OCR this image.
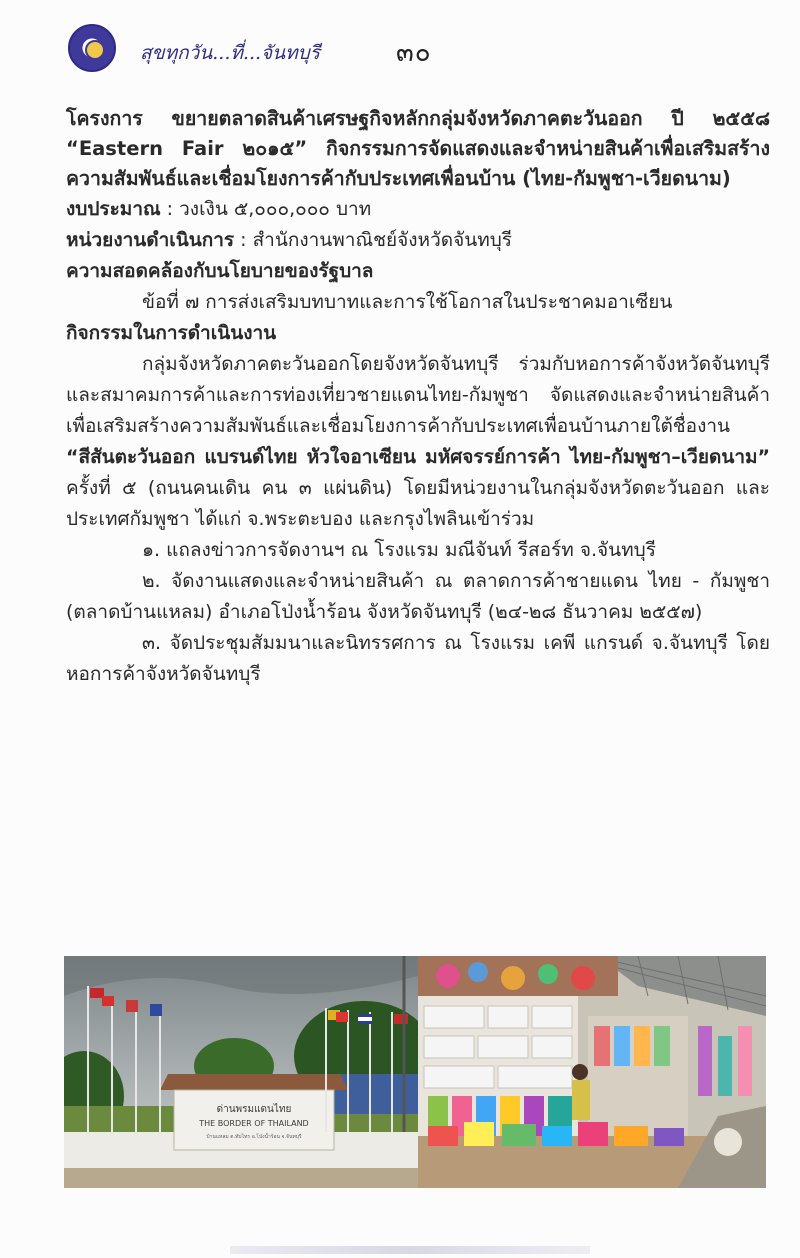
สุขทุกวัน...ที่...จันทบุรี	๓๐

โครงการ ขยายตลาดสินค้าเศรษฐกิจหลักกลุ่มจังหวัดภาคตะวันออก ปี ๒๕๕๘ “Eastern Fair ๒๐๑๕” กิจกรรมการจัดแสดงและจำหน่ายสินค้าเพื่อเสริมสร้างความสัมพันธ์และเชื่อมโยงการค้ากับประเทศเพื่อนบ้าน (ไทย-กัมพูชา-เวียดนาม)

งบประมาณ : วงเงิน ๕,๐๐๐,๐๐๐ บาท

หน่วยงานดำเนินการ : สำนักงานพาณิชย์จังหวัดจันทบุรี

ความสอดคล้องกับนโยบายของรัฐบาล

ข้อที่ ๗ การส่งเสริมบทบาทและการใช้โอกาสในประชาคมอาเซียน

กิจกรรมในการดำเนินงาน

กลุ่มจังหวัดภาคตะวันออกโดยจังหวัดจันทบุรี ร่วมกับหอการค้าจังหวัดจันทบุรีและสมาคมการค้าและการท่องเที่ยวชายแดนไทย-กัมพูชา จัดแสดงและจำหน่ายสินค้าเพื่อเสริมสร้างความสัมพันธ์และเชื่อมโยงการค้ากับประเทศเพื่อนบ้านภายใต้ชื่องาน “สีสันตะวันออก แบรนด์ไทย หัวใจอาเซียน มหัศจรรย์การค้า ไทย-กัมพูชา–เวียดนาม” ครั้งที่ ๕ (ถนนคนเดิน คน ๓ แผ่นดิน) โดยมีหน่วยงานในกลุ่มจังหวัดตะวันออก และประเทศกัมพูชา ได้แก่ จ.พระตะบอง และกรุงไพลินเข้าร่วม

๑. แถลงข่าวการจัดงานฯ ณ โรงแรม มณีจันท์ รีสอร์ท จ.จันทบุรี

๒. จัดงานแสดงและจำหน่ายสินค้า ณ ตลาดการค้าชายแดน ไทย - กัมพูชา (ตลาดบ้านแหลม) อำเภอโป่งน้ำร้อน จังหวัดจันทบุรี (๒๔-๒๘ ธันวาคม ๒๕๕๗)

๓. จัดประชุมสัมมนาและนิทรรศการ ณ โรงแรม เคพี แกรนด์ จ.จันทบุรี โดยหอการค้าจังหวัดจันทบุรี

ด่านพรมแดนไทย
THE BORDER OF THAILAND
บ้านแหลม ต.ทับไทร อ.โป่งน้ำร้อน จ.จันทบุรี
